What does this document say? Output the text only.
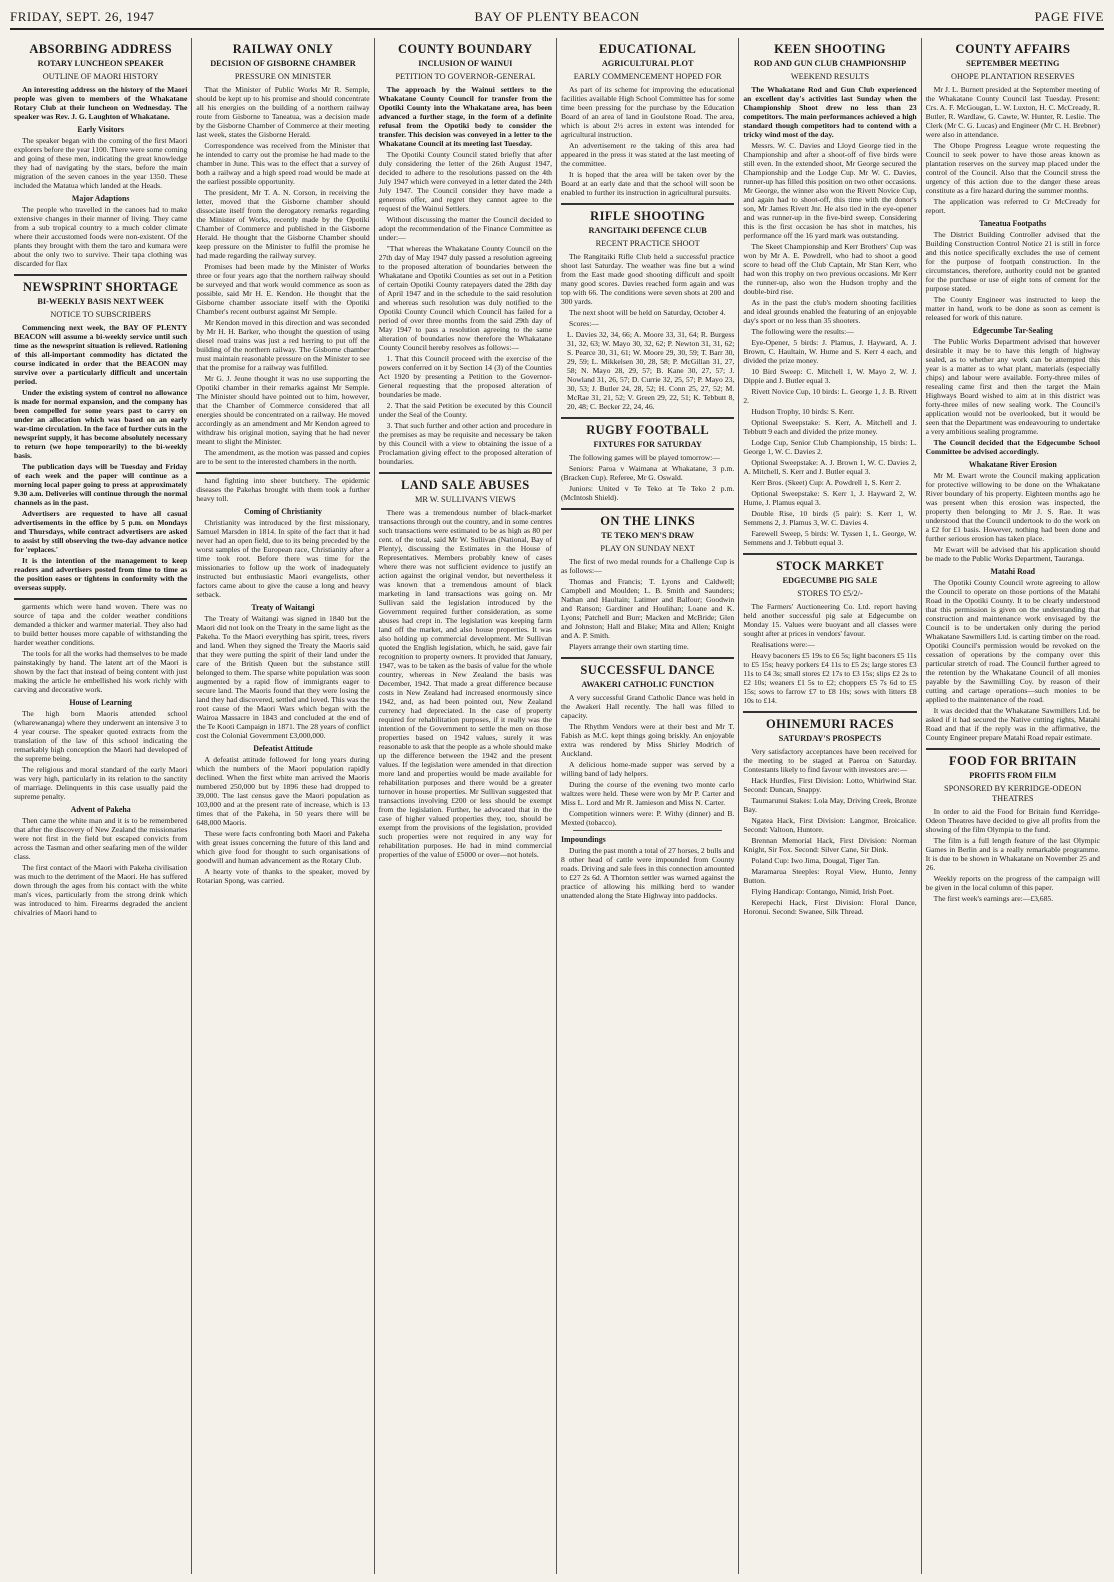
FRIDAY, SEPT. 26, 1947	BAY OF PLENTY BEACON	PAGE FIVE
ABSORBING ADDRESS
ROTARY LUNCHEON SPEAKER
OUTLINE OF MAORI HISTORY

An interesting address on the history of the Maori people was given to members of the Whakatane Rotary Club at their luncheon on Wednesday. The speaker was Rev. J. G. Laughton of Whakatane.

Early Visitors

The speaker began with the coming of the first Maori explorers before the year 1100. There were some coming and going of these men, indicating the great knowledge they had of navigating by the stars, before the main migration of the seven canoes in the year 1350. These included the Matatua which landed at the Heads.

Major Adaptions

The people who travelled in the canoes had to make extensive changes in their manner of living. They came from a sub tropical country to a much colder climate where their accustomed foods were non-existent. Of the plants they brought with them the taro and kumara were about the only two to survive. Their tapa clothing was discarded for flax

NEWSPRINT SHORTAGE
BI-WEEKLY BASIS NEXT WEEK
NOTICE TO SUBSCRIBERS

Commencing next week, the BAY OF PLENTY BEACON will assume a bi-weekly service until such time as the newsprint situation is relieved. Rationing of this all-important commodity has dictated the course indicated in order that the BEACON may survive over a particularly difficult and uncertain period.

Under the existing system of control no allowance is made for normal expansion, and the company has been compelled for some years past to carry on under an allocation which was based on an early war-time circulation. In the face of further cuts in the newsprint supply, it has become absolutely necessary to return (we hope temporarily) to the bi-weekly basis.

The publication days will be Tuesday and Friday of each week and the paper will continue as a morning local paper going to press at approximately 9.30 a.m. Deliveries will continue through the normal channels as in the past.

Advertisers are requested to have all casual advertisements in the office by 5 p.m. on Mondays and Thursdays, while contract advertisers are asked to assist by still observing the two-day advance notice for 'replaces.'

It is the intention of the management to keep readers and advertisers posted from time to time as the position eases or tightens in conformity with the overseas supply.

garments which were hand woven. There was no source of tapa and the colder weather conditions demanded a thicker and warmer material. They also had to build better houses more capable of withstanding the harder weather conditions.

The tools for all the works had themselves to be made painstakingly by hand. The latent art of the Maori is shown by the fact that instead of being content with just making the article he embellished his work richly with carving and decorative work.

House of Learning

The high born Maoris attended school (wharewananga) where they underwent an intensive 3 to 4 year course. The speaker quoted extracts from the translation of the law of this school indicating the remarkably high conception the Maori had developed of the supreme being.

The religious and moral standard of the early Maori was very high, particularly in its relation to the sanctity of marriage. Delinquents in this case usually paid the supreme penalty.

Advent of Pakeha

Then came the white man and it is to be remembered that after the discovery of New Zealand the missionaries were not first in the field but escaped convicts from across the Tasman and other seafaring men of the wilder class.

The first contact of the Maori with Pakeha civilisation was much to the detriment of the Maori. He has suffered down through the ages from his contact with the white man's vices, particularly from the strong drink which was introduced to him. Firearms degraded the ancient chivalries of Maori hand to

RAILWAY ONLY
DECISION OF GISBORNE CHAMBER
PRESSURE ON MINISTER

That the Minister of Public Works Mr R. Semple, should be kept up to his promise and should concentrate all his energies on the building of a northern railway route from Gisborne to Taneatua, was a decision made by the Gisborne Chamber of Commerce at their meeting last week, states the Gisborne Herald.

Correspondence was received from the Minister that he intended to carry out the promise he had made to the chamber in June. This was to the effect that a survey of both a railway and a high speed road would be made at the earliest possible opportunity.

The president, Mr T. A. N. Corson, in receiving the letter, moved that the Gisborne chamber should dissociate itself from the derogatory remarks regarding the Minister of Works, recently made by the Opotiki Chamber of Commerce and published in the Gisborne Herald. He thought that the Gisborne Chamber should keep pressure on the Minister to fulfil the promise he had made regarding the railway survey.

Promises had been made by the Minister of Works three or four years ago that the northern railway should be surveyed and that work would commence as soon as possible, said Mr H. E. Kendon. He thought that the Gisborne chamber associate itself with the Opotiki Chamber's recent outburst against Mr Semple.

Mr Kendon moved in this direction and was seconded by Mr H. H. Barker, who thought the question of using diesel road trains was just a red herring to put off the building of the northern railway. The Gisborne chamber must maintain reasonable pressure on the Minister to see that the promise for a railway was fulfilled.

Mr G. J. Jeune thought it was no use supporting the Opotiki chamber in their remarks against Mr Semple. The Minister should have pointed out to him, however, that the Chamber of Commerce considered that all energies should be concentrated on a railway. He moved accordingly as an amendment and Mr Kendon agreed to withdraw his original motion, saying that he had never meant to slight the Minister.

The amendment, as the motion was passed and copies are to be sent to the interested chambers in the north.

hand fighting into sheer butchery. The epidemic diseases the Pakehas brought with them took a further heavy toll.

Coming of Christianity

Christianity was introduced by the first missionary, Samuel Marsden in 1814. In spite of the fact that it had never had an open field, due to its being preceded by the worst samples of the European race, Christianity after a time took root. Before there was time for the missionaries to follow up the work of inadequately instructed but enthusiastic Maori evangelists, other factors came about to give the cause a long and heavy setback.

Treaty of Waitangi

The Treaty of Waitangi was signed in 1840 but the Maori did not look on the Treaty in the same light as the Pakeha. To the Maori everything has spirit, trees, rivers and land. When they signed the Treaty the Maoris said that they were putting the spirit of their land under the care of the British Queen but the substance still belonged to them. The sparse white population was soon augmented by a rapid flow of immigrants eager to secure land. The Maoris found that they were losing the land they had discovered, settled and loved. This was the root cause of the Maori Wars which began with the Wairoa Massacre in 1843 and concluded at the end of the Te Kooti Campaign in 1871. The 28 years of conflict cost the Colonial Government £3,000,000.

Defeatist Attitude

A defeatist attitude followed for long years during which the numbers of the Maori population rapidly declined. When the first white man arrived the Maoris numbered 250,000 but by 1896 these had dropped to 39,000. The last census gave the Maori population as 103,000 and at the present rate of increase, which is 13 times that of the Pakeha, in 50 years there will be 648,000 Maoris.

These were facts confronting both Maori and Pakeha with great issues concerning the future of this land and which give food for thought to such organisations of goodwill and human advancement as the Rotary Club.

A hearty vote of thanks to the speaker, moved by Rotarian Spong, was carried.

COUNTY BOUNDARY
INCLUSION OF WAINUI
PETITION TO GOVERNOR-GENERAL

The approach by the Wainui settlers to the Whakatane County Council for transfer from the Opotiki County into the Whakatane area, has been advanced a further stage, in the form of a definite refusal from the Opotiki body to consider the transfer. This decision was conveyed in a letter to the Whakatane Council at its meeting last Tuesday.

The Opotiki County Council stated briefly that after duly considering the letter of the 26th August 1947, decided to adhere to the resolutions passed on the 4th July 1947 which were conveyed in a letter dated the 24th July 1947. The Council consider they have made a generous offer, and regret they cannot agree to the request of the Wainui Settlers.

Without discussing the matter the Council decided to adopt the recommendation of the Finance Committee as under:—

"That whereas the Whakatane County Council on the 27th day of May 1947 duly passed a resolution agreeing to the proposed alteration of boundaries between the Whakatane and Opotiki Counties as set out in a Petition of certain Opotiki County ratepayers dated the 28th day of April 1947 and in the schedule to the said resolution and whereas such resolution was duly notified to the Opotiki County Council which Council has failed for a period of over three months from the said 29th day of May 1947 to pass a resolution agreeing to the same alteration of boundaries now therefore the Whakatane County Council hereby resolves as follows:—

1. That this Council proceed with the exercise of the powers conferred on it by Section 14 (3) of the Counties Act 1920 by presenting a Petition to the Governor-General requesting that the proposed alteration of boundaries be made.

2. That the said Petition be executed by this Council under the Seal of the County.

3. That such further and other action and procedure in the premises as may be requisite and necessary be taken by this Council with a view to obtaining the issue of a Proclamation giving effect to the proposed alteration of boundaries.

LAND SALE ABUSES
MR W. SULLIVAN'S VIEWS

There was a tremendous number of black-market transactions through out the country, and in some centres such transactions were estimated to be as high as 80 per cent. of the total, said Mr W. Sullivan (National, Bay of Plenty), discussing the Estimates in the House of Representatives. Members probably knew of cases where there was not sufficient evidence to justify an action against the original vendor, but nevertheless it was known that a tremendous amount of black marketing in land transactions was going on. Mr Sullivan said the legislation introduced by the Government required further consideration, as some abuses had crept in. The legislation was keeping farm land off the market, and also house properties. It was also holding up commercial development. Mr Sullivan quoted the English legislation, which, he said, gave fair recognition to property owners. It provided that January, 1947, was to be taken as the basis of value for the whole country, whereas in New Zealand the basis was December, 1942. That made a great difference because costs in New Zealand had increased enormously since 1942, and, as had been pointed out, New Zealand currency had depreciated. In the case of property required for rehabilitation purposes, if it really was the intention of the Government to settle the men on those properties based on 1942 values, surely it was reasonable to ask that the people as a whole should make up the difference between the 1942 and the present values. If the legislation were amended in that direction more land and properties would be made available for rehabilitation purposes and there would be a greater turnover in house properties. Mr Sullivan suggested that transactions involving £200 or less should be exempt from the legislation. Further, he advocated that in the case of higher valued properties they, too, should be exempt from the provisions of the legislation, provided such properties were not required in any way for rehabilitation purposes. He had in mind commercial properties of the value of £5000 or over—not hotels.

EDUCATIONAL
AGRICULTURAL PLOT
EARLY COMMENCEMENT HOPED FOR

As part of its scheme for improving the educational facilities available High School Committee has for some time been pressing for the purchase by the Education Board of an area of land in Goulstone Road. The area, which is about 2½ acres in extent was intended for agricultural instruction.

An advertisement re the taking of this area had appeared in the press it was stated at the last meeting of the committee.

It is hoped that the area will be taken over by the Board at an early date and that the school will soon be enabled to further its instruction in agricultural pursuits.

RIFLE SHOOTING
RANGITAIKI DEFENCE CLUB
RECENT PRACTICE SHOOT

The Rangitaiki Rifle Club held a successful practice shoot last Saturday. The weather was fine but a wind from the East made good shooting difficult and spoilt many good scores. Davies reached form again and was top with 66. The conditions were seven shots at 200 and 300 yards.

The next shoot will be held on Saturday, October 4.

Scores:—

L. Davies 32, 34, 66; A. Moore 33, 31, 64; R. Burgess 31, 32, 63; W. Mayo 30, 32, 62; P. Newton 31, 31, 62; S. Pearce 30, 31, 61; W. Moore 29, 30, 59; T. Barr 30, 29, 59; L. Mikkelsen 30, 28, 58; P. McGillan 31, 27, 58; N. Mayo 28, 29, 57; B. Kane 30, 27, 57; J. Nowland 31, 26, 57; D. Currie 32, 25, 57; P. Mayo 23, 30, 53; J. Butler 24, 28, 52; H. Conn 25, 27, 52; M. McRae 31, 21, 52; V. Green 29, 22, 51; K. Tebbutt 8, 20, 48; C. Becker 22, 24, 46.

RUGBY FOOTBALL
FIXTURES FOR SATURDAY

The following games will be played tomorrow:—

Seniors: Paroa v Waimana at Whakatane, 3 p.m. (Bracken Cup). Referee, Mr G. Oswald.

Juniors: United v Te Teko at Te Teko 2 p.m. (McIntosh Shield).

ON THE LINKS
TE TEKO MEN'S DRAW
PLAY ON SUNDAY NEXT

The first of two medal rounds for a Challenge Cup is as follows:—

Thomas and Francis; T. Lyons and Caldwell; Campbell and Moulden; L. B. Smith and Saunders; Nathan and Haultain; Latimer and Balfour; Goodwin and Ranson; Gardiner and Houlihan; Loane and K. Lyons; Patchell and Burr; Macken and McBride; Glen and Johnston; Hall and Blake; Mita and Allen; Knight and A. P. Smith.

Players arrange their own starting time.

SUCCESSFUL DANCE
AWAKERI CATHOLIC FUNCTION

A very successful Grand Catholic Dance was held in the Awakeri Hall recently. The hall was filled to capacity.

The Rhythm Vendors were at their best and Mr T. Fabish as M.C. kept things going briskly. An enjoyable extra was rendered by Miss Shirley Modrich of Auckland.

A delicious home-made supper was served by a willing band of lady helpers.

During the course of the evening two monte carlo waltzes were held. These were won by Mr P. Carter and Miss L. Lord and Mr R. Jamieson and Miss N. Carter.

Competition winners were: P. Withy (dinner) and B. Mexted (tobacco).

Impoundings

During the past month a total of 27 horses, 2 bulls and 8 other head of cattle were impounded from County roads. Driving and sale fees in this connection amounted to £27 2s 6d. A Thornton settler was warned against the practice of allowing his milking herd to wander unattended along the State Highway into paddocks.

KEEN SHOOTING
ROD AND GUN CLUB CHAMPIONSHIP
WEEKEND RESULTS

The Whakatane Rod and Gun Club experienced an excellent day's activities last Sunday when the Championship Shoot drew no less than 23 competitors. The main performances achieved a high standard though competitors had to contend with a tricky wind most of the day.

Messrs. W. C. Davies and Lloyd George tied in the Championship and after a shoot-off of five birds were still even. In the extended shoot, Mr George secured the Championship and the Lodge Cup. Mr W. C. Davies, runner-up has filled this position on two other occasions. Mr George, the winner also won the Rivett Novice Cup, and again had to shoot-off, this time with the donor's son, Mr James Rivett Jnr. He also tied in the eye-opener and was runner-up in the five-bird sweep. Considering this is the first occasion he has shot in matches, his performance off the 16 yard mark was outstanding.

The Skeet Championship and Kerr Brothers' Cup was won by Mr A. E. Powdrell, who had to shoot a good score to head off the Club Captain, Mr Stan Kerr, who had won this trophy on two previous occasions. Mr Kerr the runner-up, also won the Hudson trophy and the double-bird rise.

As in the past the club's modern shooting facilities and ideal grounds enabled the featuring of an enjoyable day's sport or no less than 35 shooters.

The following were the results:—

Eye-Opener, 5 birds: J. Plamus, J. Hayward, A. J. Brown, C. Haultain, W. Hume and S. Kerr 4 each, and divided the prize money.

10 Bird Sweep: C. Mitchell 1, W. Mayo 2, W. J. Dippie and J. Butler equal 3.

Rivett Novice Cup, 10 birds: L. George 1, J. B. Rivett 2.

Hudson Trophy, 10 birds: S. Kerr.

Optional Sweepstake: S. Kerr, A. Mitchell and J. Tebbutt 9 each and divided the prize money.

Lodge Cup, Senior Club Championship, 15 birds: L. George 1, W. C. Davies 2.

Optional Sweepstake: A. J. Brown 1, W. C. Davies 2, A. Mitchell, S. Kerr and J. Butler equal 3.

Kerr Bros. (Skeet) Cup: A. Powdrell 1, S. Kerr 2.

Optional Sweepstake: S. Kerr 1, J. Hayward 2, W. Hume, J. Plamus equal 3.

Double Rise, 10 birds (5 pair): S. Kerr 1, W. Semmens 2, J. Plamus 3, W. C. Davies 4.

Farewell Sweep, 5 birds: W. Tyssen 1, L. George, W. Semmens and J. Tebbutt equal 3.

STOCK MARKET
EDGECUMBE PIG SALE
STORES TO £5/2/-

The Farmers' Auctioneering Co. Ltd. report having held another successful pig sale at Edgecumbe on Monday 15. Values were buoyant and all classes were sought after at prices in vendors' favour.

Realisations were:—

Heavy baconers £5 19s to £6 5s; light baconers £5 11s to £5 15s; heavy porkers £4 11s to £5 2s; large stores £3 11s to £4 3s; small stores £2 17s to £3 15s; slips £2 2s to £2 10s; weaners £1 5s to £2; choppers £5 7s 6d to £5 15s; sows to farrow £7 to £8 10s; sows with litters £8 10s to £14.

OHINEMURI RACES
SATURDAY'S PROSPECTS

Very satisfactory acceptances have been received for the meeting to be staged at Paeroa on Saturday. Contestants likely to find favour with investors are:—

Hack Hurdles, First Division: Lotto, Whirlwind Star. Second: Duncan, Snappy.

Taumarunui Stakes: Lola May, Driving Creek, Bronze Bay.

Ngatea Hack, First Division: Langmor, Broicalice. Second: Valtoon, Huntore.

Brennan Memorial Hack, First Division: Norman Knight, Sir Fox. Second: Silver Cane, Sir Dink.

Poland Cup: Iwo Jima, Dougal, Tiger Tan.

Maramarua Steeples: Royal View, Hunto, Jenny Button.

Flying Handicap: Contango, Nimid, Irish Poet.

Kerepechi Hack, First Division: Floral Dance, Horonui. Second: Swanee, Silk Thread.

COUNTY AFFAIRS
SEPTEMBER MEETING
OHOPE PLANTATION RESERVES

Mr J. L. Burnett presided at the September meeting of the Whakatane County Council last Tuesday. Present: Crs. A. F. McGougan, L. W. Luxton, H. C. McCready, R. Butler, R. Wardlaw, G. Cawte, W. Hunter, R. Leslie. The Clerk (Mr C. G. Lucas) and Engineer (Mr C. H. Brebner) were also in attendance.

The Ohope Progress League wrote requesting the Council to seek power to have those areas known as plantation reserves on the survey map placed under the control of the Council. Also that the Council stress the urgency of this action due to the danger these areas constitute as a fire hazard during the summer months.

The application was referred to Cr McCready for report.

Taneatua Footpaths

The District Building Controller advised that the Building Construction Control Notice 21 is still in force and this notice specifically excludes the use of cement for the purpose of footpath construction. In the circumstances, therefore, authority could not be granted for the purchase or use of eight tons of cement for the purpose stated.

The County Engineer was instructed to keep the matter in hand, work to be done as soon as cement is released for work of this nature.

Edgecumbe Tar-Sealing

The Public Works Department advised that however desirable it may be to have this length of highway sealed, as to whether any work can be attempted this year is a matter as to what plant, materials (especially chips) and labour were available. Forty-three miles of resealing came first and then the target the Main Highways Board wished to aim at in this district was forty-three miles of new sealing work. The Council's application would not be overlooked, but it would be seen that the Department was endeavouring to undertake a very ambitious sealing programme.

The Council decided that the Edgecumbe School Committee be advised accordingly.

Whakatane River Erosion

Mr M. Ewart wrote the Council making application for protective willowing to be done on the Whakatane River boundary of his property. Eighteen months ago he was present when this erosion was inspected, the property then belonging to Mr J. S. Rae. It was understood that the Council undertook to do the work on a £2 for £1 basis. However, nothing had been done and further serious erosion has taken place.

Mr Ewart will be advised that his application should be made to the Public Works Department, Tauranga.

Matahi Road

The Opotiki County Council wrote agreeing to allow the Council to operate on those portions of the Matahi Road in the Opotiki County. It to be clearly understood that this permission is given on the understanding that construction and maintenance work envisaged by the Council is to be undertaken only during the period Whakatane Sawmillers Ltd. is carting timber on the road. Opotiki Council's permission would be revoked on the cessation of operations by the company over this particular stretch of road. The Council further agreed to the retention by the Whakatane Council of all monies payable by the Sawmilling Coy. by reason of their cutting and cartage operations—such monies to be applied to the maintenance of the road.

It was decided that the Whakatane Sawmillers Ltd. be asked if it had secured the Native cutting rights, Matahi Road and that if the reply was in the affirmative, the County Engineer prepare Matahi Road repair estimate.

FOOD FOR BRITAIN
PROFITS FROM FILM
SPONSORED BY KERRIDGE-ODEON THEATRES

In order to aid the Food for Britain fund Kerridge-Odeon Theatres have decided to give all profits from the showing of the film Olympia to the fund.

The film is a full length feature of the last Olympic Games in Berlin and is a really remarkable programme. It is due to be shown in Whakatane on November 25 and 26.

Weekly reports on the progress of the campaign will be given in the local column of this paper.

The first week's earnings are:—£3,685.
